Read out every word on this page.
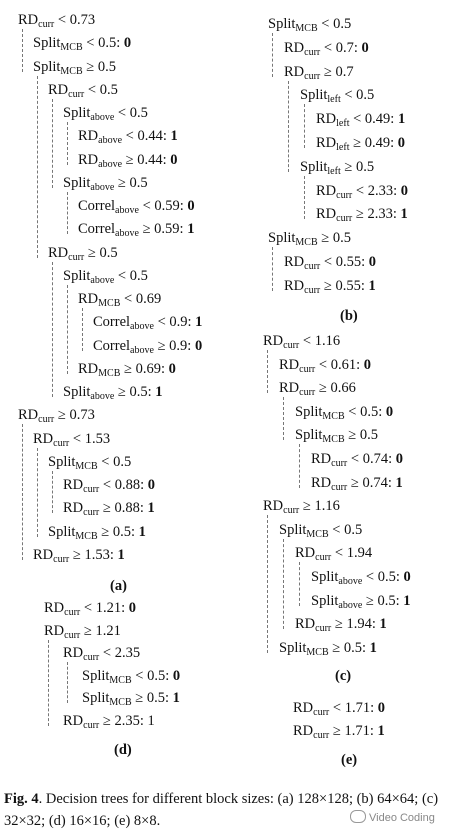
$RD_{curr} < 0.73$
Split$_{MCB}$ < 0.5: 0
Split$_{MCB}$ ≥ 0.5
$RD_{curr} < 0.5$
Split$_{above}$ < 0.5
$RD_{above} < 0.44$: 1
$RD_{above} \ge 0.44$: 0
Split$_{above}$ ≥ 0.5
Correl$_{above}$ < 0.59: 0
Correl$_{above}$ ≥ 0.59: 1
$RD_{curr} \ge 0.5$
Split$_{above}$ < 0.5
$RD_{MCB} < 0.69$
Correl$_{above}$ < 0.9: 1
Correl$_{above}$ ≥ 0.9: 0
$RD_{MCB} \ge 0.69$: 0
Split$_{above}$ ≥ 0.5: 1
$RD_{curr} \ge 0.73$
$RD_{curr} < 1.53$
Split$_{MCB}$ < 0.5
$RD_{curr} < 0.88$: 0
$RD_{curr} \ge 0.88$: 1
Split$_{MCB}$ ≥ 0.5: 1
$RD_{curr} \ge 1.53$: 1
(a)
Split$_{MCB}$ < 0.5
$RD_{curr} < 0.7$: 0
$RD_{curr} \ge 0.7$
Split$_{left}$ < 0.5
$RD_{left} < 0.49$: 1
$RD_{left} \ge 0.49$: 0
Split$_{left}$ ≥ 0.5
$RD_{curr} < 2.33$: 0
$RD_{curr} \ge 2.33$: 1
Split$_{MCB}$ ≥ 0.5
$RD_{curr} < 0.55$: 0
$RD_{curr} \ge 0.55$: 1
(b)
$RD_{curr} < 1.16$
$RD_{curr} < 0.61$: 0
$RD_{curr} \ge 0.66$
Split$_{MCB}$ < 0.5: 0
Split$_{MCB}$ ≥ 0.5
$RD_{curr} < 0.74$: 0
$RD_{curr} \ge 0.74$: 1
$RD_{curr} \ge 1.16$
Split$_{MCB}$ < 0.5
$RD_{curr} < 1.94$
Split$_{above}$ < 0.5: 0
Split$_{above}$ ≥ 0.5: 1
$RD_{curr} \ge 1.94$: 1
Split$_{MCB}$ ≥ 0.5: 1
(c)
$RD_{curr} < 1.21$: 0
$RD_{curr} \ge 1.21$
$RD_{curr} < 2.35$
Split$_{MCB}$ < 0.5: 0
Split$_{MCB}$ ≥ 0.5: 1
$RD_{curr} \ge 2.35$: 1
(d)
$RD_{curr} < 1.71$: 0
$RD_{curr} \ge 1.71$: 1
(e)
Fig. 4. Decision trees for different block sizes: (a) 128×128; (b) 64×64; (c) 32×32; (d) 16×16; (e) 8×8.	Video Coding
